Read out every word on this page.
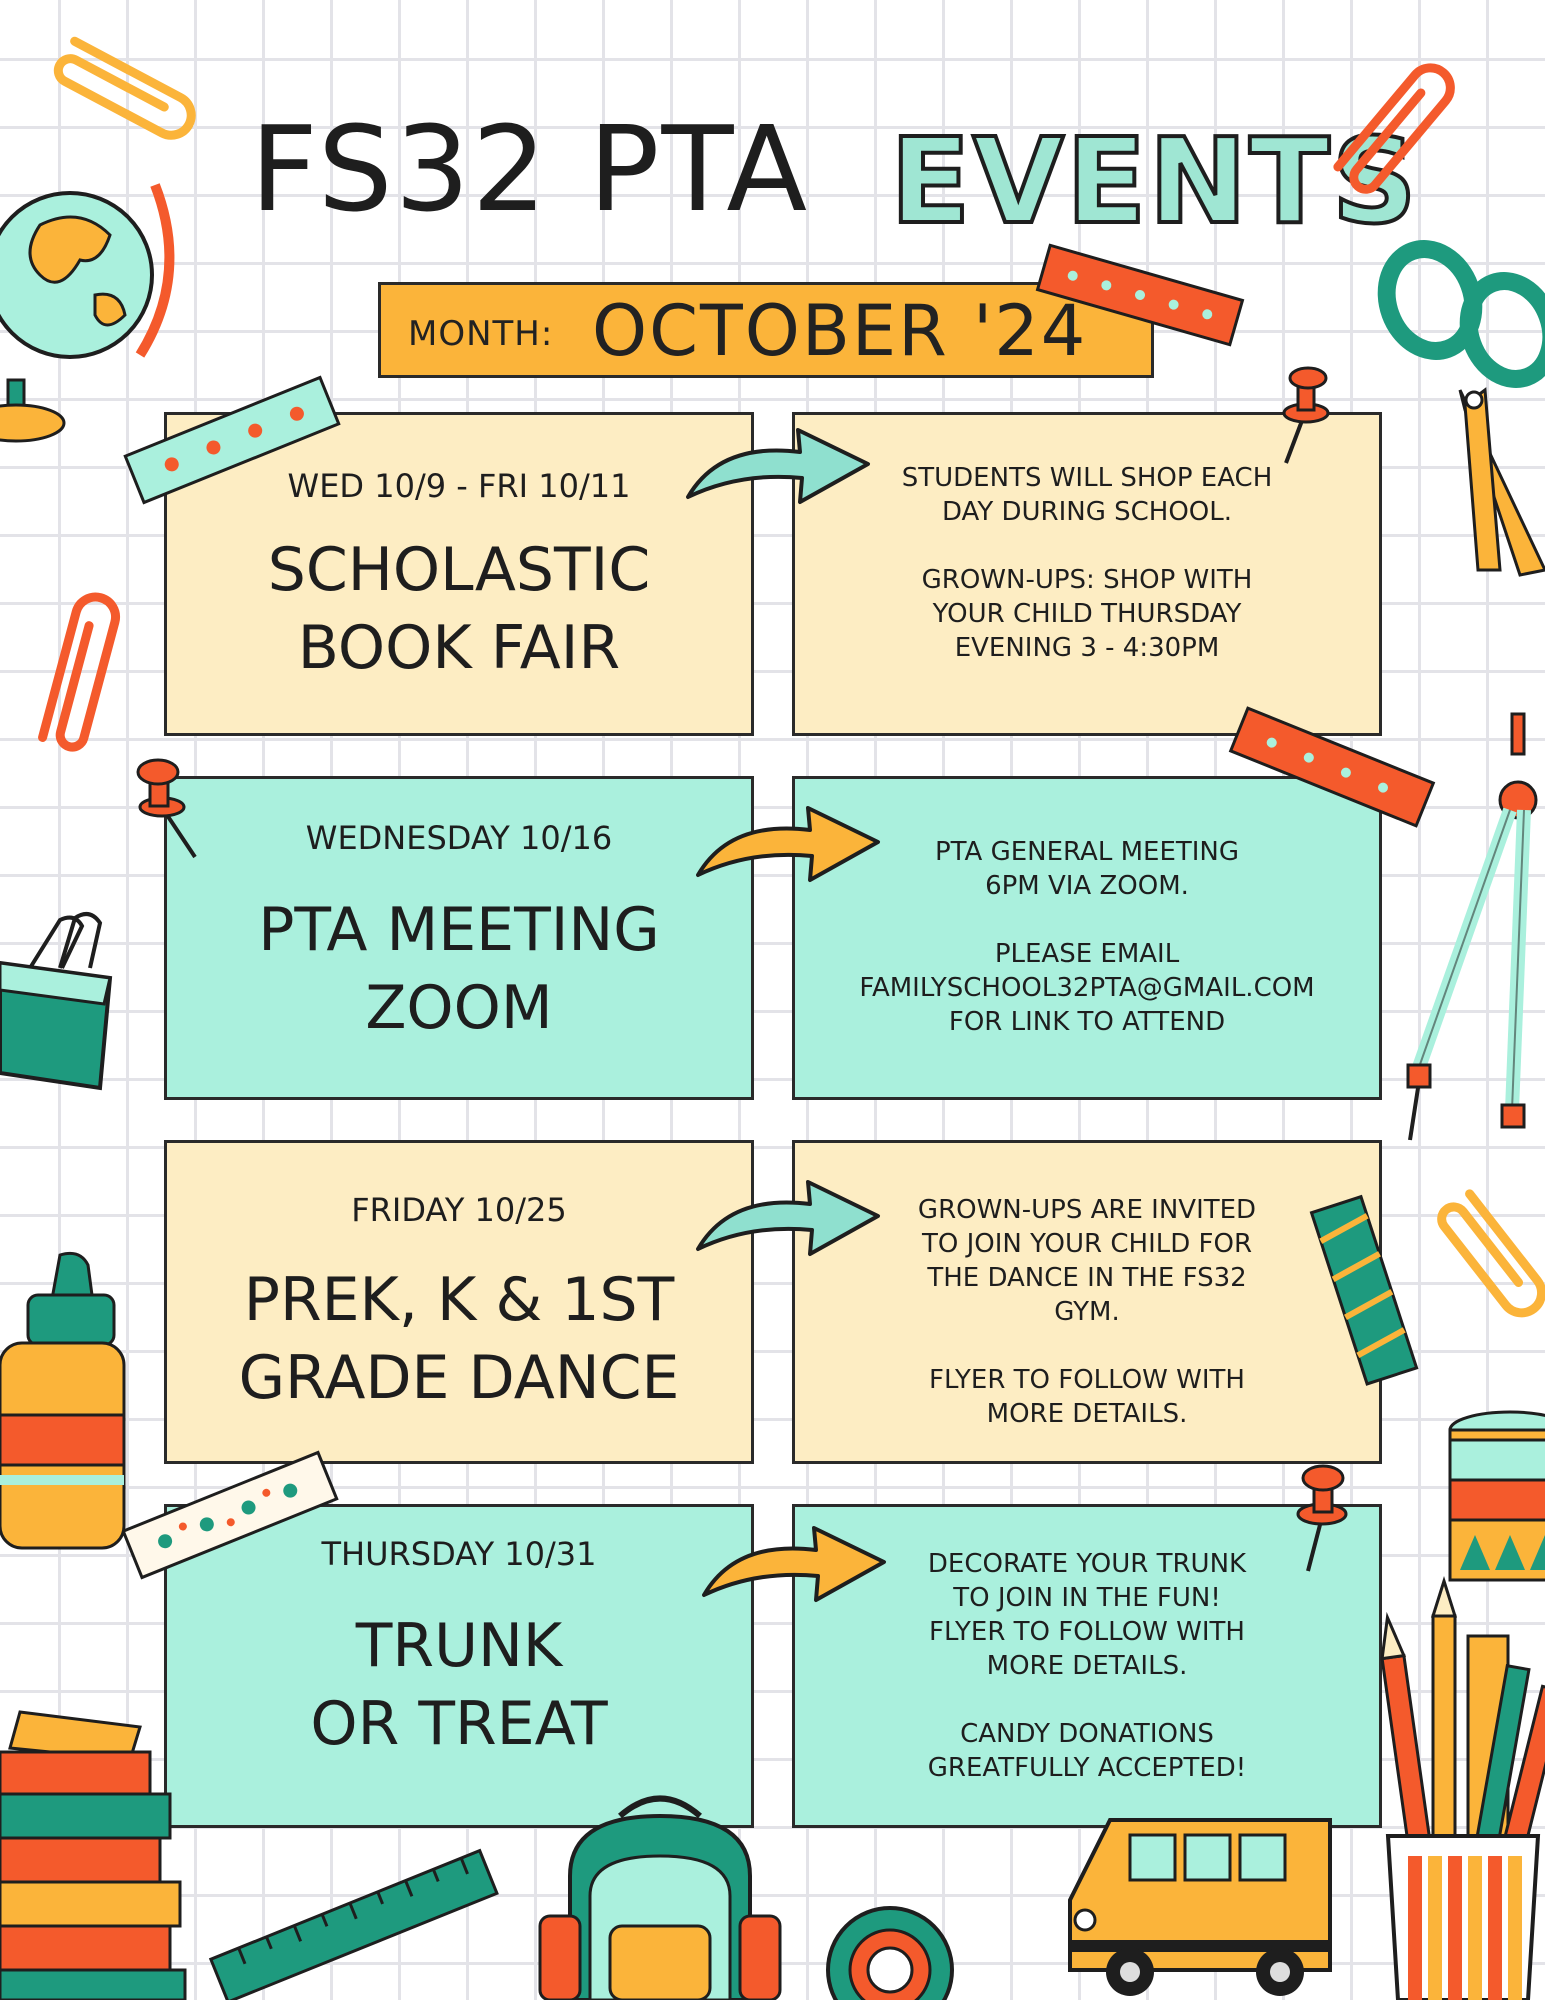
FS32 PTA EVENTS
MONTH: OCTOBER '24
WED 10/9 - FRI 10/11
SCHOLASTIC
BOOK FAIR
STUDENTS WILL SHOP EACH
DAY DURING SCHOOL.
GROWN-UPS: SHOP WITH
YOUR CHILD THURSDAY
EVENING 3 - 4:30PM
WEDNESDAY 10/16
PTA MEETING
ZOOM
PTA GENERAL MEETING
6PM VIA ZOOM.
PLEASE EMAIL
FAMILYSCHOOL32PTA@GMAIL.COM
FOR LINK TO ATTEND
FRIDAY 10/25
PREK, K & 1ST
GRADE DANCE
GROWN-UPS ARE INVITED
TO JOIN YOUR CHILD FOR
THE DANCE IN THE FS32
GYM.
FLYER TO FOLLOW WITH
MORE DETAILS.
THURSDAY 10/31
TRUNK
OR TREAT
DECORATE YOUR TRUNK
TO JOIN IN THE FUN!
FLYER TO FOLLOW WITH
MORE DETAILS.
CANDY DONATIONS
GREATFULLY ACCEPTED!
